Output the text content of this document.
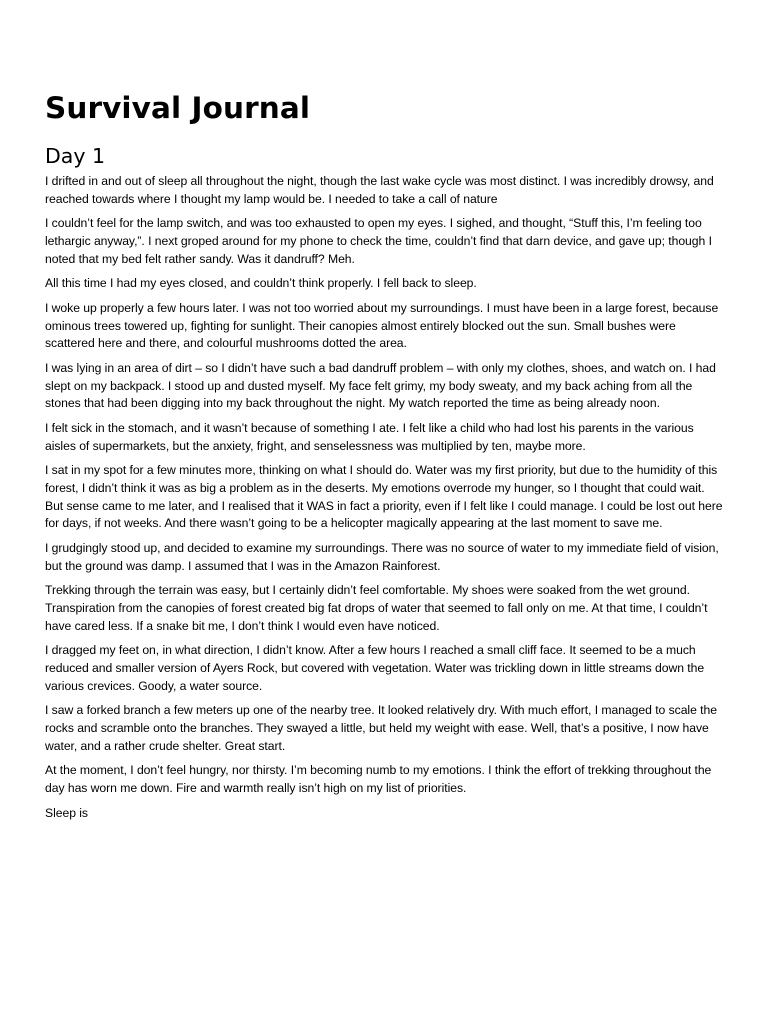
Survival Journal
Day 1

I drifted in and out of sleep all throughout the night, though the last wake cycle was most distinct. I was incredibly drowsy, and reached towards where I thought my lamp would be. I needed to take a call of nature

I couldn’t feel for the lamp switch, and was too exhausted to open my eyes. I sighed, and thought, “Stuff this, I’m feeling too lethargic anyway,”. I next groped around for my phone to check the time, couldn’t find that darn device, and gave up; though I noted that my bed felt rather sandy. Was it dandruff? Meh.

All this time I had my eyes closed, and couldn’t think properly. I fell back to sleep.

I woke up properly a few hours later. I was not too worried about my surroundings. I must have been in a large forest, because ominous trees towered up, fighting for sunlight. Their canopies almost entirely blocked out the sun. Small bushes were scattered here and there, and colourful mushrooms dotted the area.

I was lying in an area of dirt – so I didn’t have such a bad dandruff problem – with only my clothes, shoes, and watch on. I had slept on my backpack. I stood up and dusted myself. My face felt grimy, my body sweaty, and my back aching from all the stones that had been digging into my back throughout the night. My watch reported the time as being already noon.

I felt sick in the stomach, and it wasn’t because of something I ate. I felt like a child who had lost his parents in the various aisles of supermarkets, but the anxiety, fright, and senselessness was multiplied by ten, maybe more.

I sat in my spot for a few minutes more, thinking on what I should do. Water was my first priority, but due to the humidity of this forest, I didn’t think it was as big a problem as in the deserts. My emotions overrode my hunger, so I thought that could wait. But sense came to me later, and I realised that it WAS in fact a priority, even if I felt like I could manage. I could be lost out here for days, if not weeks. And there wasn’t going to be a helicopter magically appearing at the last moment to save me.

I grudgingly stood up, and decided to examine my surroundings. There was no source of water to my immediate field of vision, but the ground was damp. I assumed that I was in the Amazon Rainforest.

Trekking through the terrain was easy, but I certainly didn’t feel comfortable. My shoes were soaked from the wet ground. Transpiration from the canopies of forest created big fat drops of water that seemed to fall only on me. At that time, I couldn’t have cared less. If a snake bit me, I don’t think I would even have noticed.

I dragged my feet on, in what direction, I didn’t know. After a few hours I reached a small cliff face. It seemed to be a much reduced and smaller version of Ayers Rock, but covered with vegetation. Water was trickling down in little streams down the various crevices. Goody, a water source.

I saw a forked branch a few meters up one of the nearby tree. It looked relatively dry. With much effort, I managed to scale the rocks and scramble onto the branches. They swayed a little, but held my weight with ease. Well, that’s a positive, I now have water, and a rather crude shelter. Great start.

At the moment, I don’t feel hungry, nor thirsty. I’m becoming numb to my emotions. I think the effort of trekking throughout the day has worn me down. Fire and warmth really isn’t high on my list of priorities.

Sleep is
